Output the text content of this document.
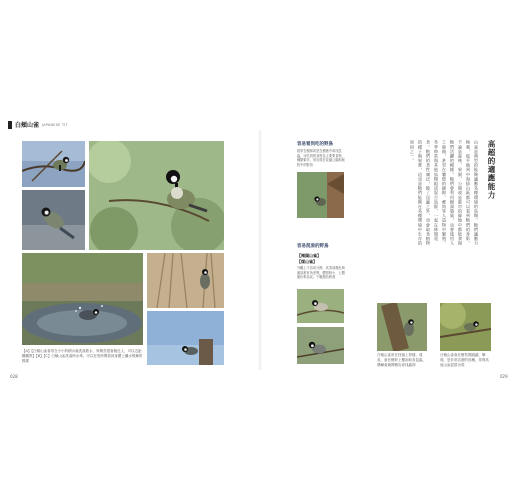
白頰山雀 JAPANESE TIT
【A】【白頰山雀會常在小小的積水處洗澡飲水，與眾鳥很會親近人，可以近距離觀察】【B】【C】白頰山雀洗澡時水珠，可以在短時間看到身體上攝水飛舞的模樣
028
容易看到吃的野鳥
經常在樹林或是在樹叢中尋找昆蟲，可吃到的食物為主要要食物，種類繁多，常出現在花園公園和庭院中的野鳥
容易混淆的野鳥
【褐頭山雀】
【煤山雀】
外觀上不容易分辨，其背部顏色與頭部都有所差異，體型較小、上體顏色較為灰，下腹顏色較淺
高超的適應能力
山雀是典型的能夠適應各種環境的鳥類。牠們適應力極強，從平地到中海拔山區都可以看到牠們的身影，不論是森林、果園、公園或是都市的綠地中都能發現牠們活躍的模樣。牠們會利用樹洞築巢，也會使用人工巢箱，甚至在牆壁的縫隙、郵筒等人造物中繁殖。冬季時常與其他鳥類組成混合鳥群，一起在林間覓食。牠們的食性廣泛，除了昆蟲之外，也會取食植物的種子與果實，這也是牠們能夠在各種環境中生存的原因之一。
白頰山雀常在枝頭上停棲、覓食，會在樹幹上鑿洞取食昆蟲，偶爾會撬開樹皮尋找蟲卵
白頰山雀會在樹枝間跳躍、攀爬，是非常活潑的鳥種，常與其他山雀混群出現
029
